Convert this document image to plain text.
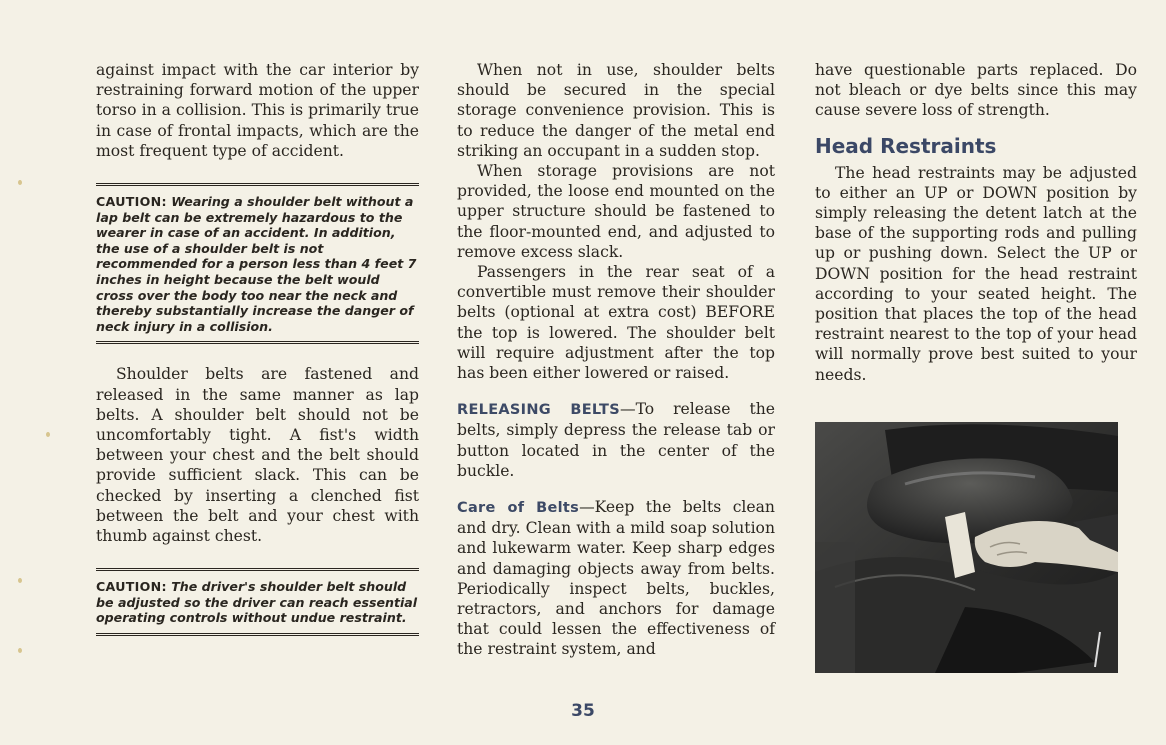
against impact with the car interior by restraining forward motion of the upper torso in a collision. This is primarily true in case of frontal impacts, which are the most frequent type of accident.

CAUTION: Wearing a shoulder belt without a lap belt can be extremely hazardous to the wearer in case of an accident. In addition, the use of a shoulder belt is not recommended for a person less than 4 feet 7 inches in height because the belt would cross over the body too near the neck and thereby substantially increase the danger of neck injury in a collision.

Shoulder belts are fastened and released in the same manner as lap belts. A shoulder belt should not be uncomfortably tight. A fist's width between your chest and the belt should provide sufficient slack. This can be checked by inserting a clenched fist between the belt and your chest with thumb against chest.

CAUTION: The driver's shoulder belt should be adjusted so the driver can reach essential operating controls without undue restraint.

When not in use, shoulder belts should be secured in the special storage convenience provision. This is to reduce the danger of the metal end striking an occupant in a sudden stop.

When storage provisions are not provided, the loose end mounted on the upper structure should be fastened to the floor-mounted end, and adjusted to remove excess slack.

Passengers in the rear seat of a convertible must remove their shoulder belts (optional at extra cost) BEFORE the top is lowered. The shoulder belt will require adjustment after the top has been either lowered or raised.

RELEASING BELTS—To release the belts, simply depress the release tab or button located in the center of the buckle.

Care of Belts—Keep the belts clean and dry. Clean with a mild soap solution and lukewarm water. Keep sharp edges and damaging objects away from belts. Periodically inspect belts, buckles, retractors, and anchors for damage that could lessen the effectiveness of the restraint system, and

have questionable parts replaced. Do not bleach or dye belts since this may cause severe loss of strength.

Head Restraints

The head restraints may be adjusted to either an UP or DOWN position by simply releasing the detent latch at the base of the supporting rods and pulling up or pushing down. Select the UP or DOWN position for the head restraint according to your seated height. The position that places the top of the head restraint nearest to the top of your head will normally prove best suited to your needs.

35
